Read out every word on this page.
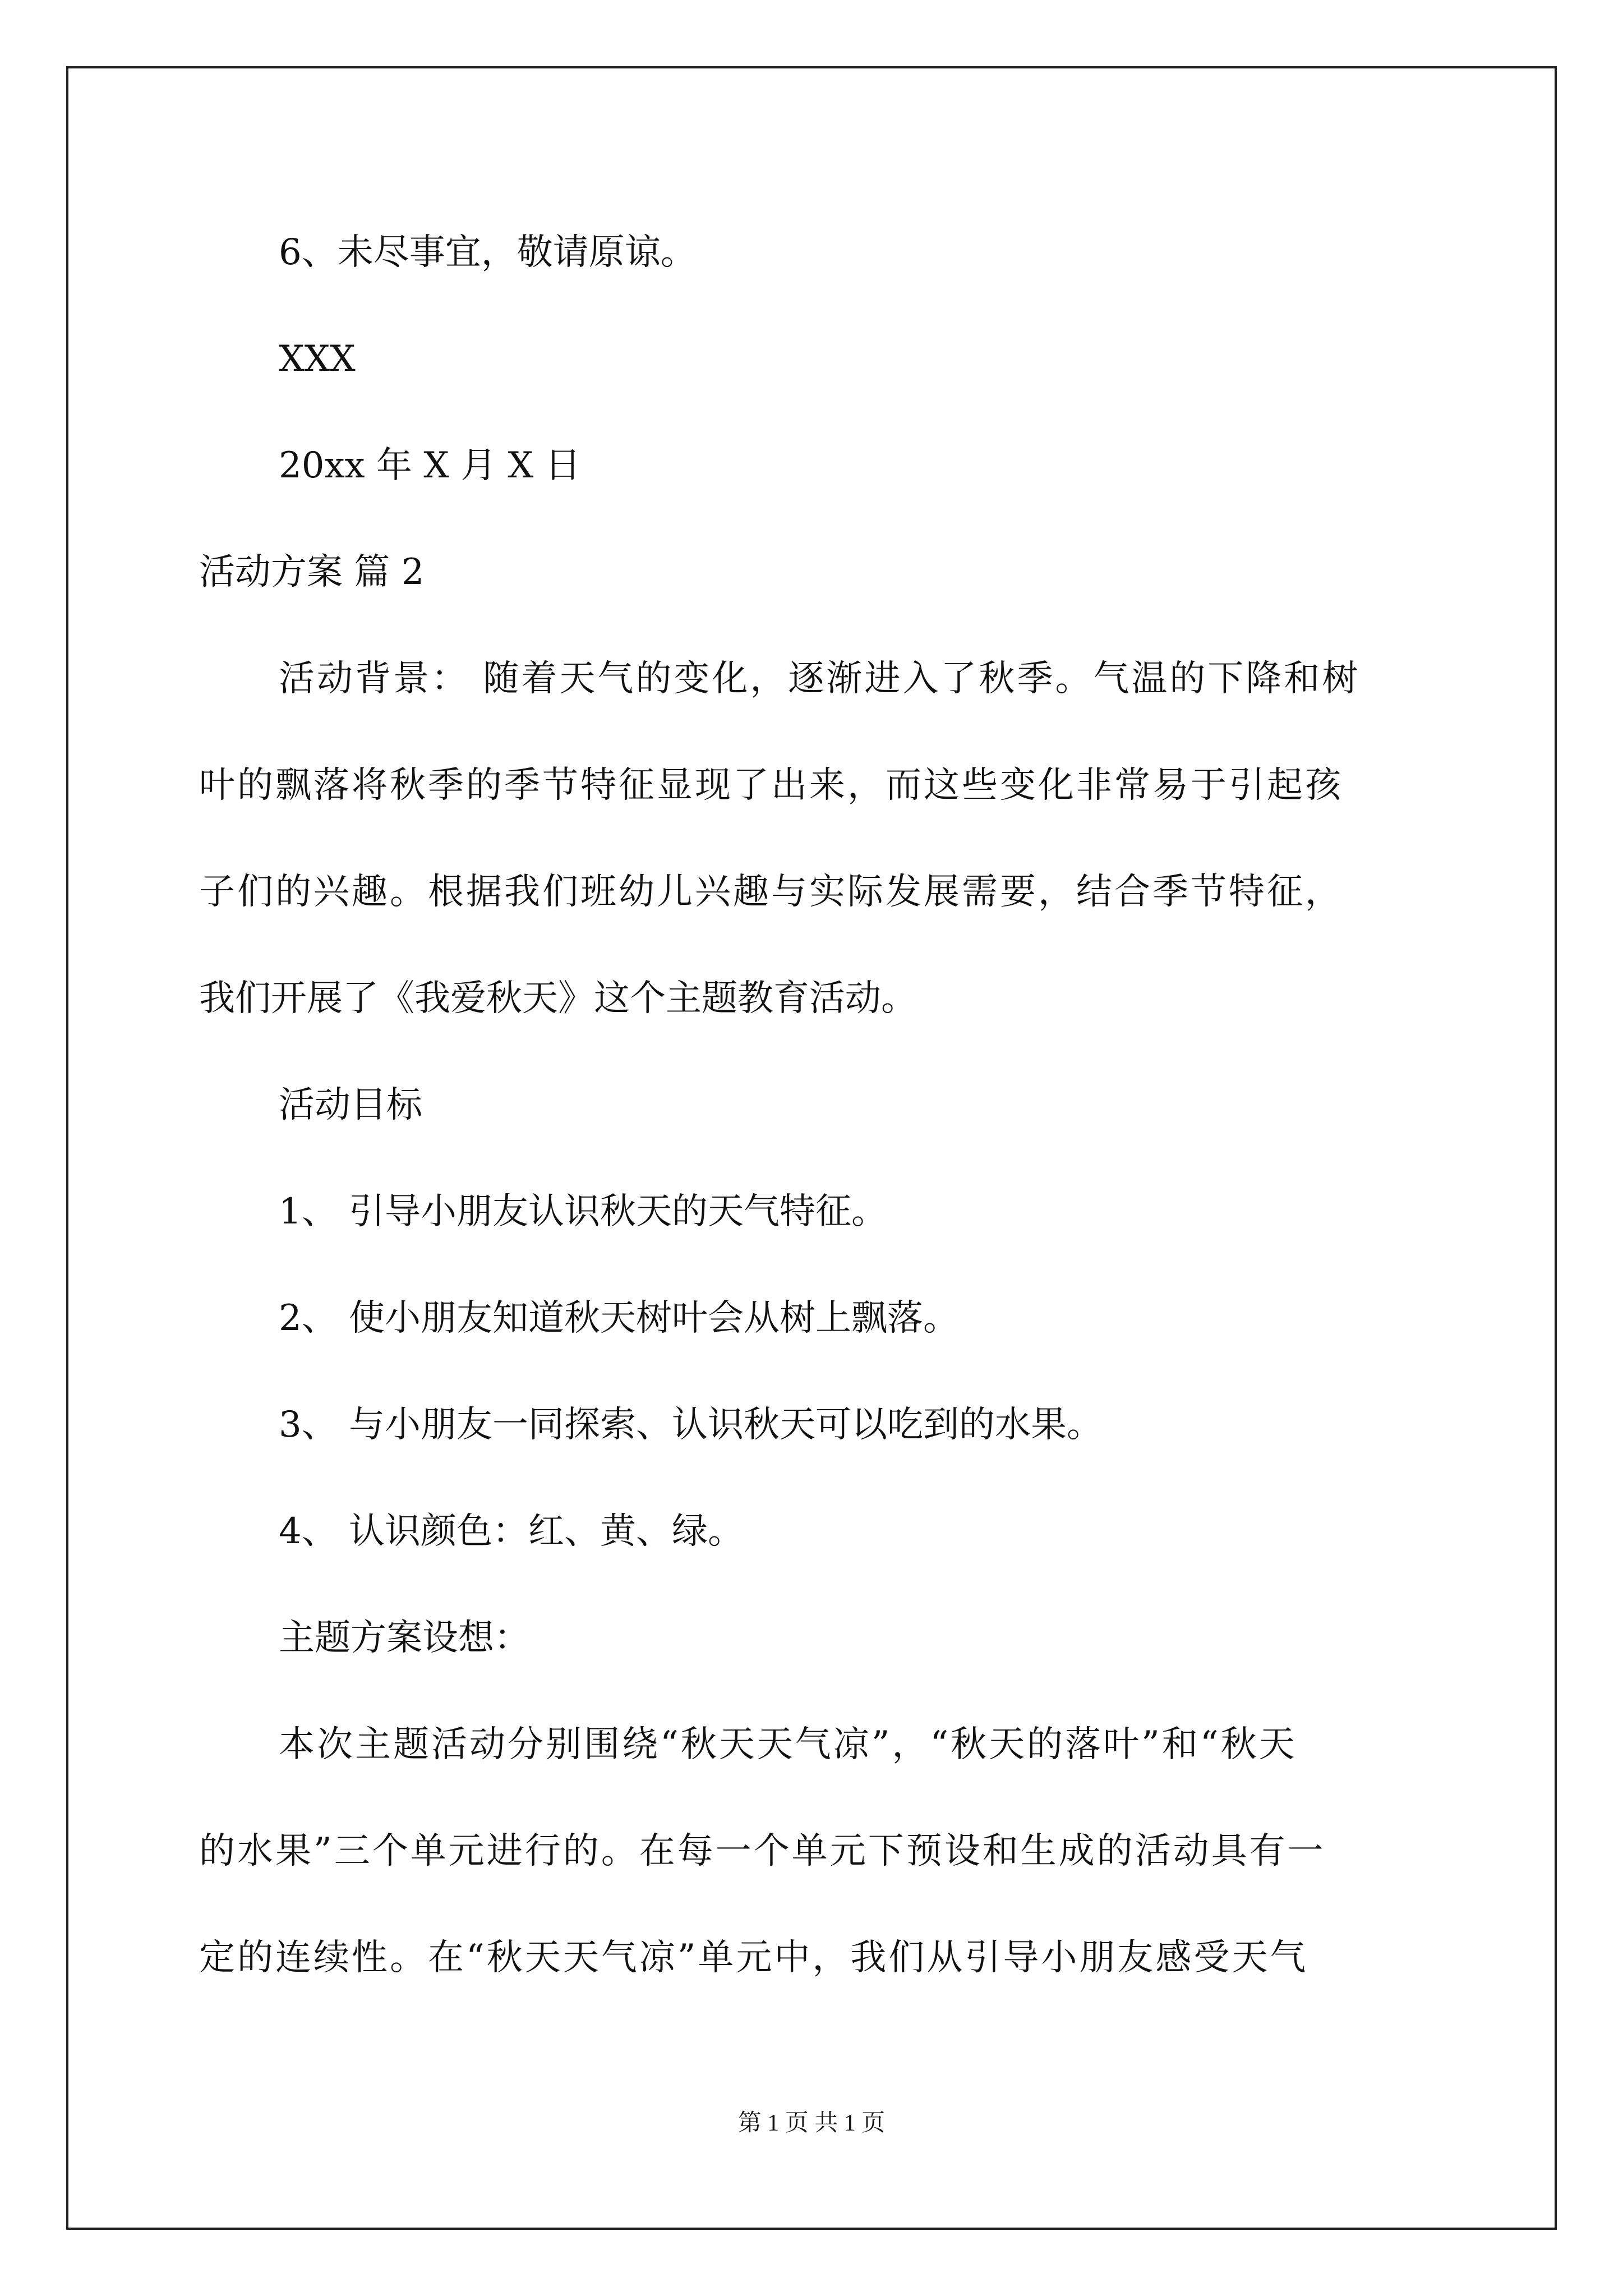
6、未尽事宜，敬请原谅。
XXX
20xx 年 X 月 X 日
活动方案 篇 2
活动背景： 随着天气的变化，逐渐进入了秋季。气温的下降和树
叶的飘落将秋季的季节特征显现了出来，而这些变化非常易于引起孩
子们的兴趣。根据我们班幼儿兴趣与实际发展需要，结合季节特征，
我们开展了《我爱秋天》这个主题教育活动。
活动目标
1、 引导小朋友认识秋天的天气特征。
2、 使小朋友知道秋天树叶会从树上飘落。
3、 与小朋友一同探索、认识秋天可以吃到的水果。
4、 认识颜色：红、黄、绿。
主题方案设想：
本次主题活动分别围绕“秋天天气凉”，“秋天的落叶”和“秋天
的水果”三个单元进行的。在每一个单元下预设和生成的活动具有一
定的连续性。在“秋天天气凉”单元中，我们从引导小朋友感受天气
第 1 页 共 1 页
